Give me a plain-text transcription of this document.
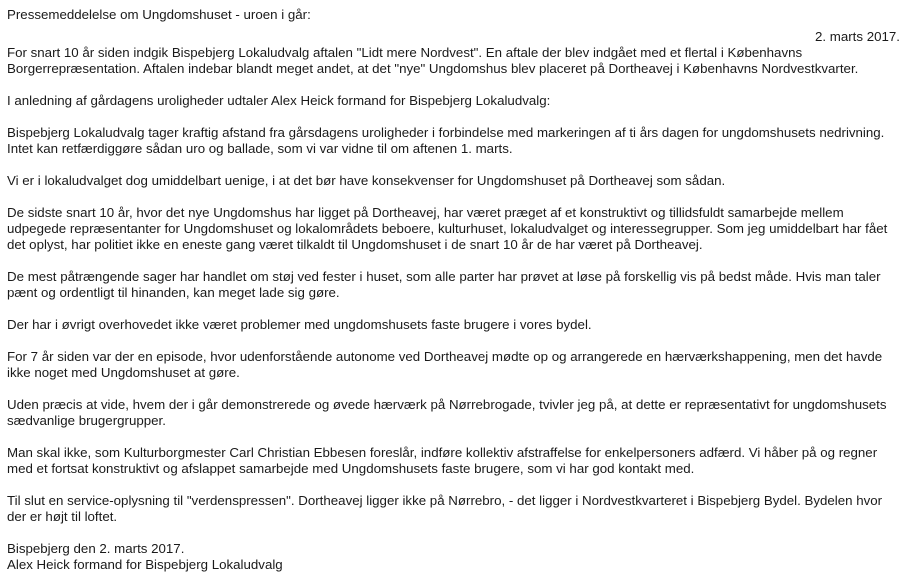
Pressemeddelelse om Ungdomshuset - uroen i går:

2. marts 2017.

For snart 10 år siden indgik Bispebjerg Lokaludvalg aftalen "Lidt mere Nordvest". En aftale der blev indgået med et flertal i Københavns Borgerrepræsentation. Aftalen indebar blandt meget andet, at det "nye" Ungdomshus blev placeret på Dortheavej i Københavns Nordvestkvarter.

I anledning af gårdagens uroligheder udtaler Alex Heick formand for Bispebjerg Lokaludvalg:

Bispebjerg Lokaludvalg tager kraftig afstand fra gårsdagens uroligheder i forbindelse med markeringen af ti års dagen for ungdomshusets nedrivning. Intet kan retfærdiggøre sådan uro og ballade, som vi var vidne til om aftenen 1. marts.

Vi er i lokaludvalget dog umiddelbart uenige, i at det bør have konsekvenser for Ungdomshuset på Dortheavej som sådan.

De sidste snart 10 år, hvor det nye Ungdomshus har ligget på Dortheavej, har været præget af et konstruktivt og tillidsfuldt samarbejde mellem udpegede repræsentanter for Ungdomshuset og lokalområdets beboere, kulturhuset, lokaludvalget og interessegrupper. Som jeg umiddelbart har fået det oplyst, har politiet ikke en eneste gang været tilkaldt til Ungdomshuset i de snart 10 år de har været på Dortheavej.

De mest påtrængende sager har handlet om støj ved fester i huset, som alle parter har prøvet at løse på forskellig vis på bedst måde. Hvis man taler pænt og ordentligt til hinanden, kan meget lade sig gøre.

Der har i øvrigt overhovedet ikke været problemer med ungdomshusets faste brugere i vores bydel.

For 7 år siden var der en episode, hvor udenforstående autonome ved Dortheavej mødte op og arrangerede en hærværkshappening, men det havde ikke noget med Ungdomshuset at gøre.

Uden præcis at vide, hvem der i går demonstrerede og øvede hærværk på Nørrebrogade, tvivler jeg på, at dette er repræsentativt for ungdomshusets sædvanlige brugergrupper.

Man skal ikke, som Kulturborgmester Carl Christian Ebbesen foreslår, indføre kollektiv afstraffelse for enkelpersoners adfærd. Vi håber på og regner med et fortsat konstruktivt og afslappet samarbejde med Ungdomshusets faste brugere, som vi har god kontakt med.

Til slut en service-oplysning til "verdenspressen". Dortheavej ligger ikke på Nørrebro, - det ligger i Nordvestkvarteret i Bispebjerg Bydel. Bydelen hvor der er højt til loftet.

Bispebjerg den 2. marts 2017.
Alex Heick formand for Bispebjerg Lokaludvalg
